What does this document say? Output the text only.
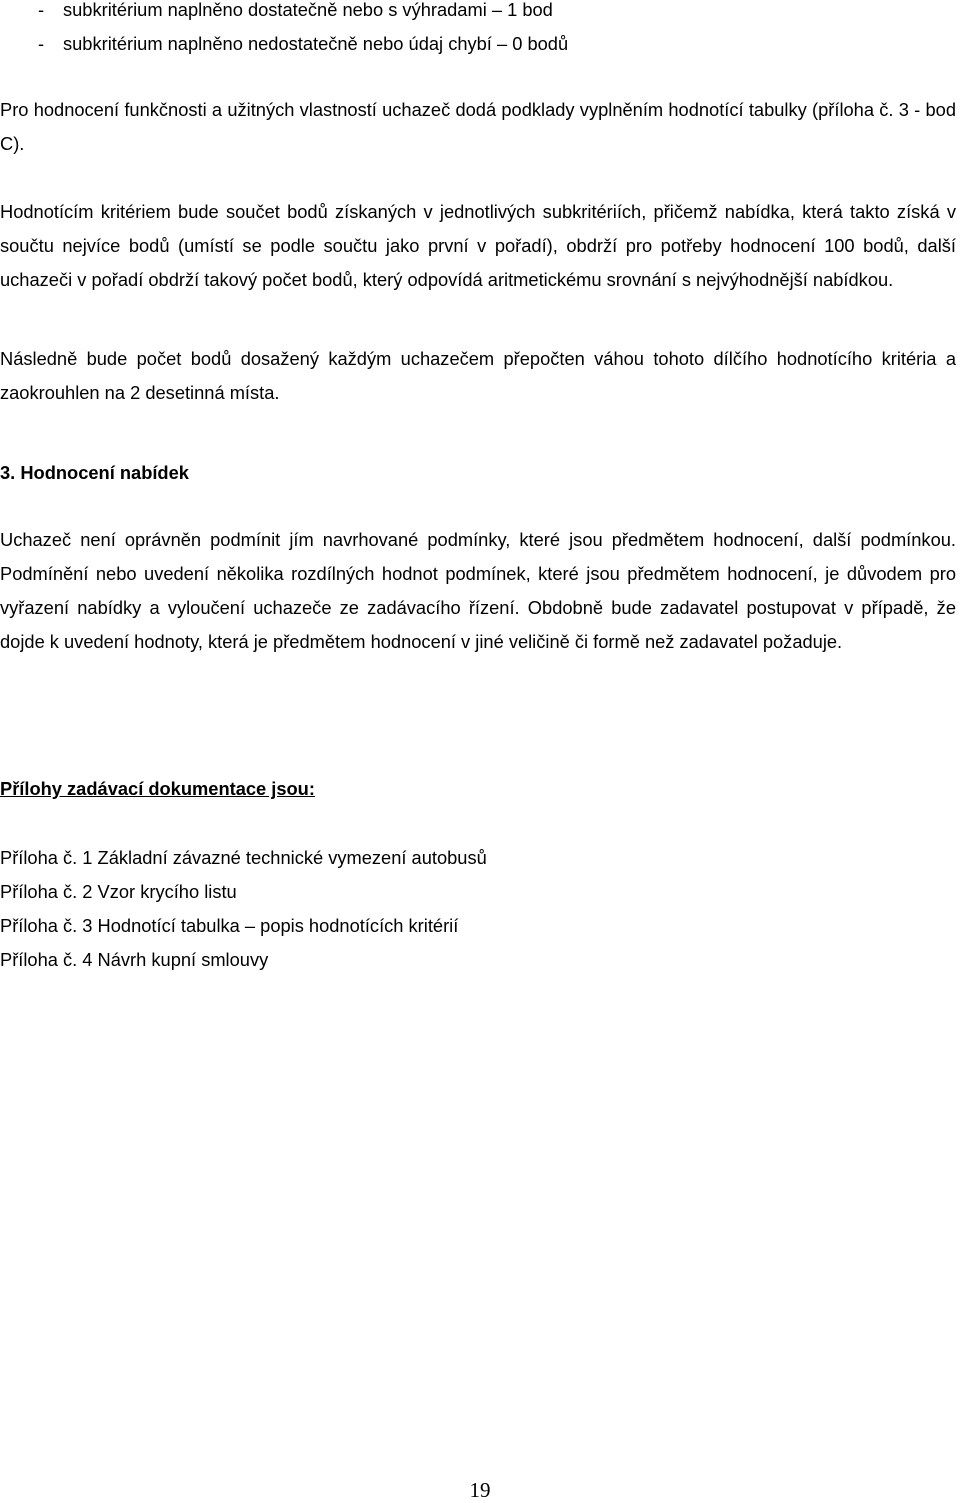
- subkritérium naplněno dostatečně nebo s výhradami – 1 bod
- subkritérium naplněno nedostatečně nebo údaj chybí – 0 bodů

Pro hodnocení funkčnosti a užitných vlastností uchazeč dodá podklady vyplněním hodnotící tabulky (příloha č. 3 - bod C).

Hodnotícím kritériem bude součet bodů získaných v jednotlivých subkritériích, přičemž nabídka, která takto získá v součtu nejvíce bodů (umístí se podle součtu jako první v pořadí), obdrží pro potřeby hodnocení 100 bodů, další uchazeči v pořadí obdrží takový počet bodů, který odpovídá aritmetickému srovnání s nejvýhodnější nabídkou.

Následně bude počet bodů dosažený každým uchazečem přepočten váhou tohoto dílčího hodnotícího kritéria a zaokrouhlen na 2 desetinná místa.

3. Hodnocení nabídek

Uchazeč není oprávněn podmínit jím navrhované podmínky, které jsou předmětem hodnocení, další podmínkou. Podmínění nebo uvedení několika rozdílných hodnot podmínek, které jsou předmětem hodnocení, je důvodem pro vyřazení nabídky a vyloučení uchazeče ze zadávacího řízení. Obdobně bude zadavatel postupovat v případě, že dojde k uvedení hodnoty, která je předmětem hodnocení v jiné veličině či formě než zadavatel požaduje.

Přílohy zadávací dokumentace jsou:
Příloha č. 1 Základní závazné technické vymezení autobusů
Příloha č. 2 Vzor krycího listu
Příloha č. 3 Hodnotící tabulka – popis hodnotících kritérií
Příloha č. 4 Návrh kupní smlouvy
19
